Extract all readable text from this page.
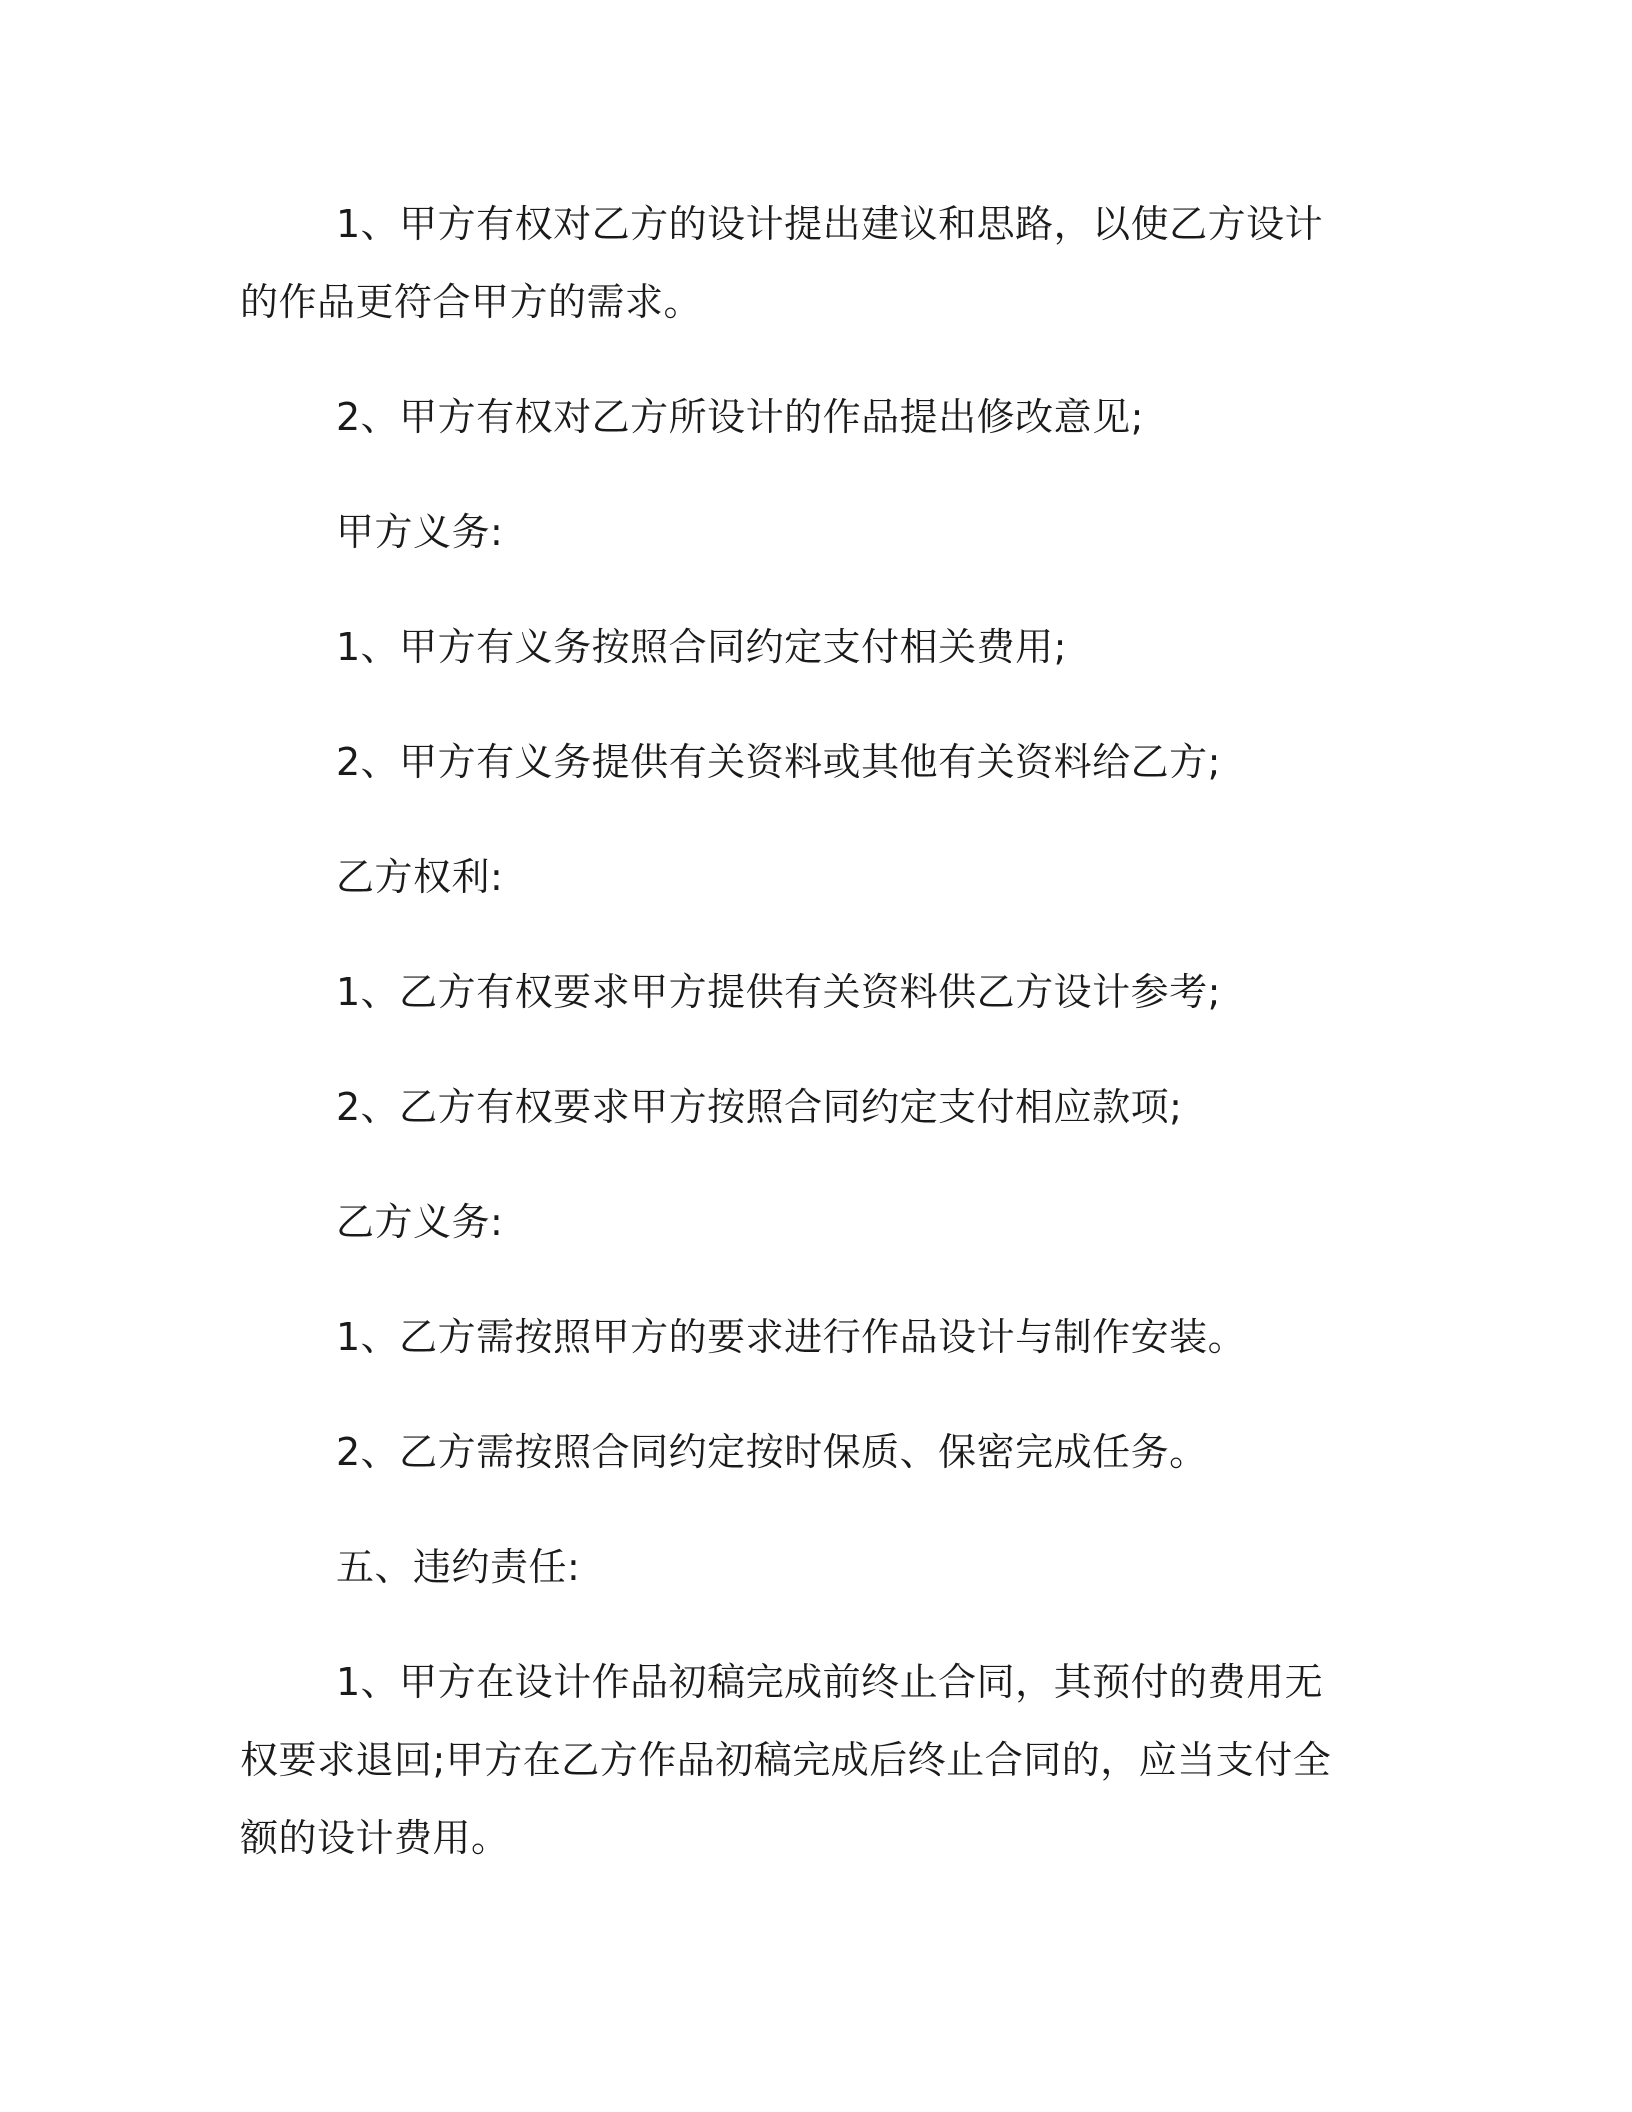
1、甲方有权对乙方的设计提出建议和思路，以使乙方设计的作品更符合甲方的需求。

2、甲方有权对乙方所设计的作品提出修改意见;

甲方义务:

1、甲方有义务按照合同约定支付相关费用;

2、甲方有义务提供有关资料或其他有关资料给乙方;

乙方权利:

1、乙方有权要求甲方提供有关资料供乙方设计参考;

2、乙方有权要求甲方按照合同约定支付相应款项;

乙方义务:

1、乙方需按照甲方的要求进行作品设计与制作安装。

2、乙方需按照合同约定按时保质、保密完成任务。

五、违约责任:

1、甲方在设计作品初稿完成前终止合同，其预付的费用无权要求退回;甲方在乙方作品初稿完成后终止合同的，应当支付全额的设计费用。
